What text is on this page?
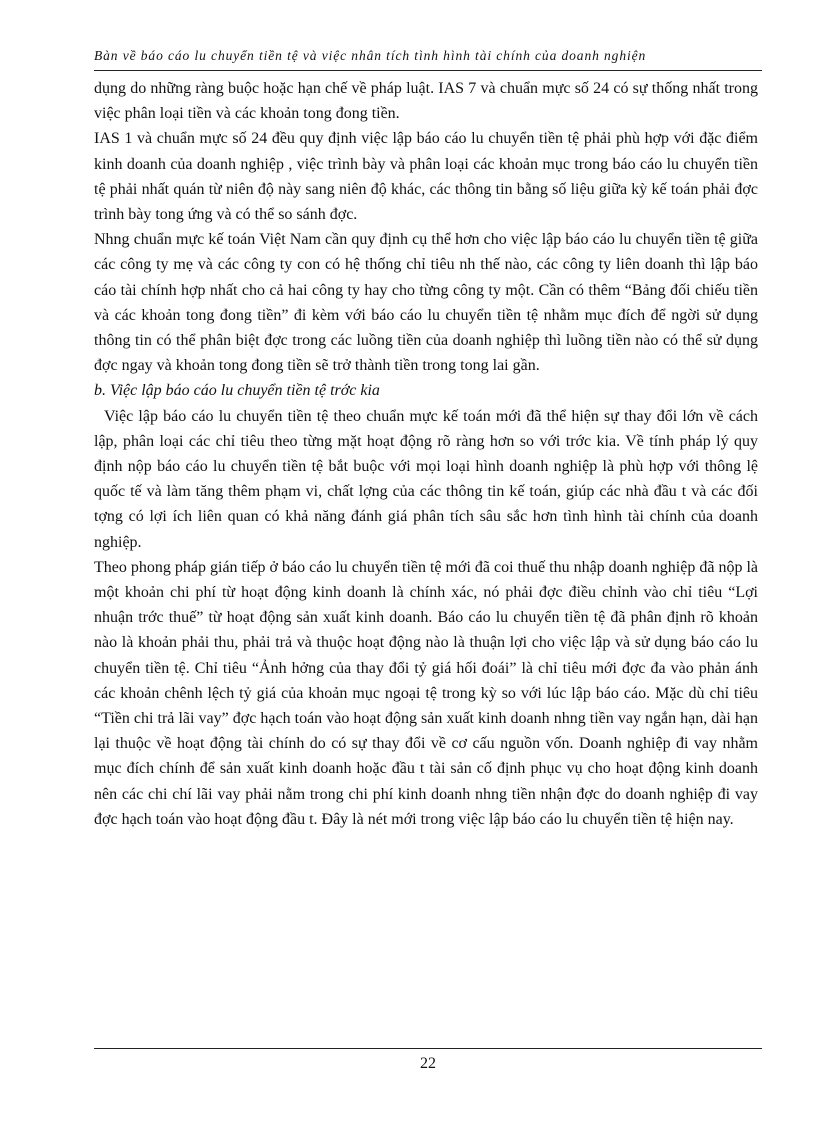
Bàn về báo cáo lu chuyển tiền tệ và việc nhân tích tình hình tài chính của doanh nghiện

dụng do những ràng buộc hoặc hạn chế về pháp luật. IAS 7 và chuẩn mực số 24 có sự thống nhất trong việc phân loại tiền và các khoản tong đong tiền.

IAS 1 và chuẩn mực số 24 đều quy định việc lập báo cáo lu chuyển tiền tệ phải phù hợp với đặc điểm kinh doanh của doanh nghiệp , việc trình bày và phân loại các khoản mục trong báo cáo lu chuyển tiền tệ phải nhất quán từ niên độ này sang niên độ khác, các thông tin bằng số liệu giữa kỳ kế toán phải đợc trình bày tong ứng và có thể so sánh đợc.

Nhng chuẩn mực kế toán Việt Nam cần quy định cụ thể hơn cho việc lập báo cáo lu chuyển tiền tệ giữa các công ty mẹ và các công ty con có hệ thống chỉ tiêu nh thế nào, các công ty liên doanh thì lập báo cáo tài chính hợp nhất cho cả hai công ty hay cho từng công ty một. Cần có thêm “Bảng đối chiếu tiền và các khoản tong đong tiền” đi kèm với báo cáo lu chuyển tiền tệ nhằm mục đích để ngời sử dụng thông tin có thể phân biệt đợc trong các luồng tiền của doanh nghiệp thì luồng tiền nào có thể sử dụng đợc ngay và khoản tong đong tiền sẽ trở thành tiền trong tong lai gần.

b. Việc lập báo cáo lu chuyển tiền tệ trớc kia

Việc lập báo cáo lu chuyển tiền tệ theo chuẩn mực kế toán mới đã thể hiện sự thay đổi lớn về cách lập, phân loại các chỉ tiêu theo từng mặt hoạt động rõ ràng hơn so với trớc kia. Về tính pháp lý quy định nộp báo cáo lu chuyển tiền tệ bắt buộc với mọi loại hình doanh nghiệp là phù hợp với thông lệ quốc tế và làm tăng thêm phạm vi, chất lợng của các thông tin kế toán, giúp các nhà đầu t và các đối tợng có lợi ích liên quan có khả năng đánh giá phân tích sâu sắc hơn tình hình tài chính của doanh nghiệp.

Theo phong pháp gián tiếp ở báo cáo lu chuyển tiền tệ mới đã coi thuế thu nhập doanh nghiệp đã nộp là một khoản chi phí từ hoạt động kinh doanh là chính xác, nó phải đợc điều chỉnh vào chỉ tiêu “Lợi nhuận trớc thuế” từ hoạt động sản xuất kinh doanh. Báo cáo lu chuyển tiền tệ đã phân định rõ khoản nào là khoản phải thu, phải trả và thuộc hoạt động nào là thuận lợi cho việc lập và sử dụng báo cáo lu chuyển tiền tệ. Chỉ tiêu “Ảnh hởng của thay đổi tỷ giá hối đoái” là chỉ tiêu mới đợc đa vào phản ánh các khoản chênh lệch tỷ giá của khoản mục ngoại tệ trong kỳ so với lúc lập báo cáo. Mặc dù chỉ tiêu “Tiền chi trả lãi vay” đợc hạch toán vào hoạt động sản xuất kinh doanh nhng tiền vay ngắn hạn, dài hạn lại thuộc về hoạt động tài chính do có sự thay đổi về cơ cấu nguồn vốn. Doanh nghiệp đi vay nhằm mục đích chính để sản xuất kinh doanh hoặc đầu t tài sản cố định phục vụ cho hoạt động kinh doanh nên các chi chí lãi vay phải nằm trong chi phí kinh doanh nhng tiền nhận đợc do doanh nghiệp đi vay đợc hạch toán vào hoạt động đầu t. Đây là nét mới trong việc lập báo cáo lu chuyển tiền tệ hiện nay.

22
